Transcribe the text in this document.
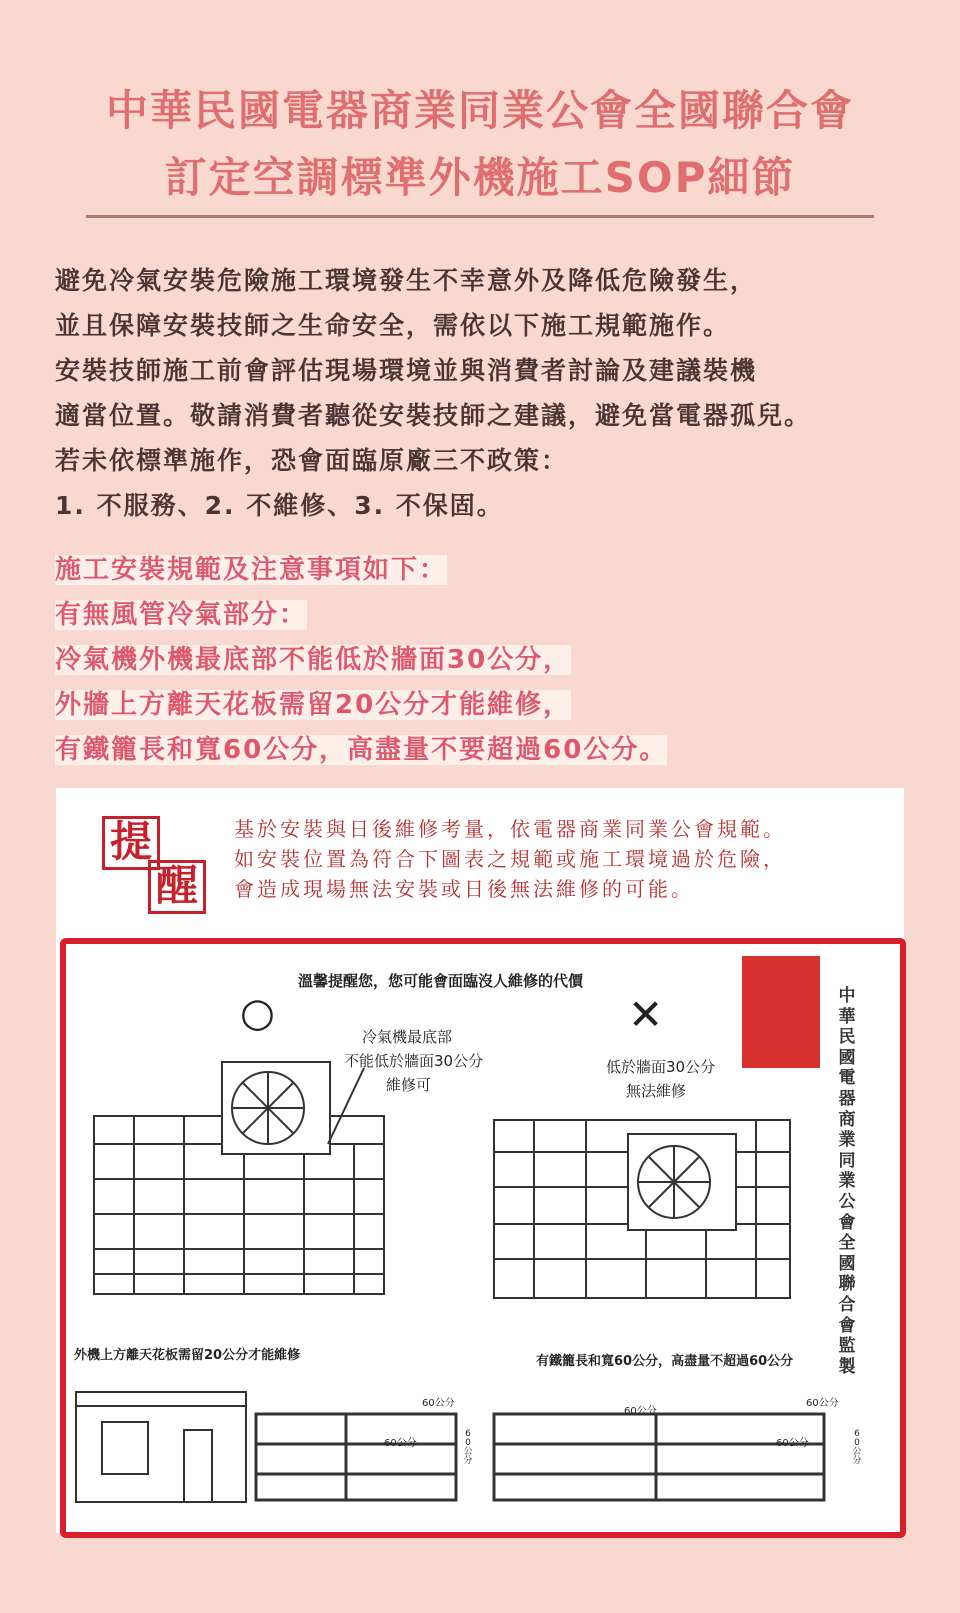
中華民國電器商業同業公會全國聯合會
訂定空調標準外機施工SOP細節
避免冷氣安裝危險施工環境發生不幸意外及降低危險發生，
並且保障安裝技師之生命安全，需依以下施工規範施作。
安裝技師施工前會評估現場環境並與消費者討論及建議裝機
適當位置。敬請消費者聽從安裝技師之建議，避免當電器孤兒。
若未依標準施作，恐會面臨原廠三不政策：
1. 不服務、2. 不維修、3. 不保固。
施工安裝規範及注意事項如下：
有無風管冷氣部分：
冷氣機外機最底部不能低於牆面30公分，
外牆上方離天花板需留20公分才能維修，
有鐵籠長和寬60公分，高盡量不要超過60公分。
提
醒
基於安裝與日後維修考量，依電器商業同業公會規範。
如安裝位置為符合下圖表之規範或施工環境過於危險，
會造成現場無法安裝或日後無法維修的可能。
溫馨提醒您，您可能會面臨沒人維修的代價
○	✕
冷氣機最底部
不能低於牆面30公分
維修可
低於牆面30公分
無法維修
外機上方離天花板需留20公分才能維修	有鐵籠長和寬60公分，高盡量不超過60公分
60公分
60公分
60公分
60公分
60公分
60公分
60公分
中華民國電器商業同業公會全國聯合會監製
